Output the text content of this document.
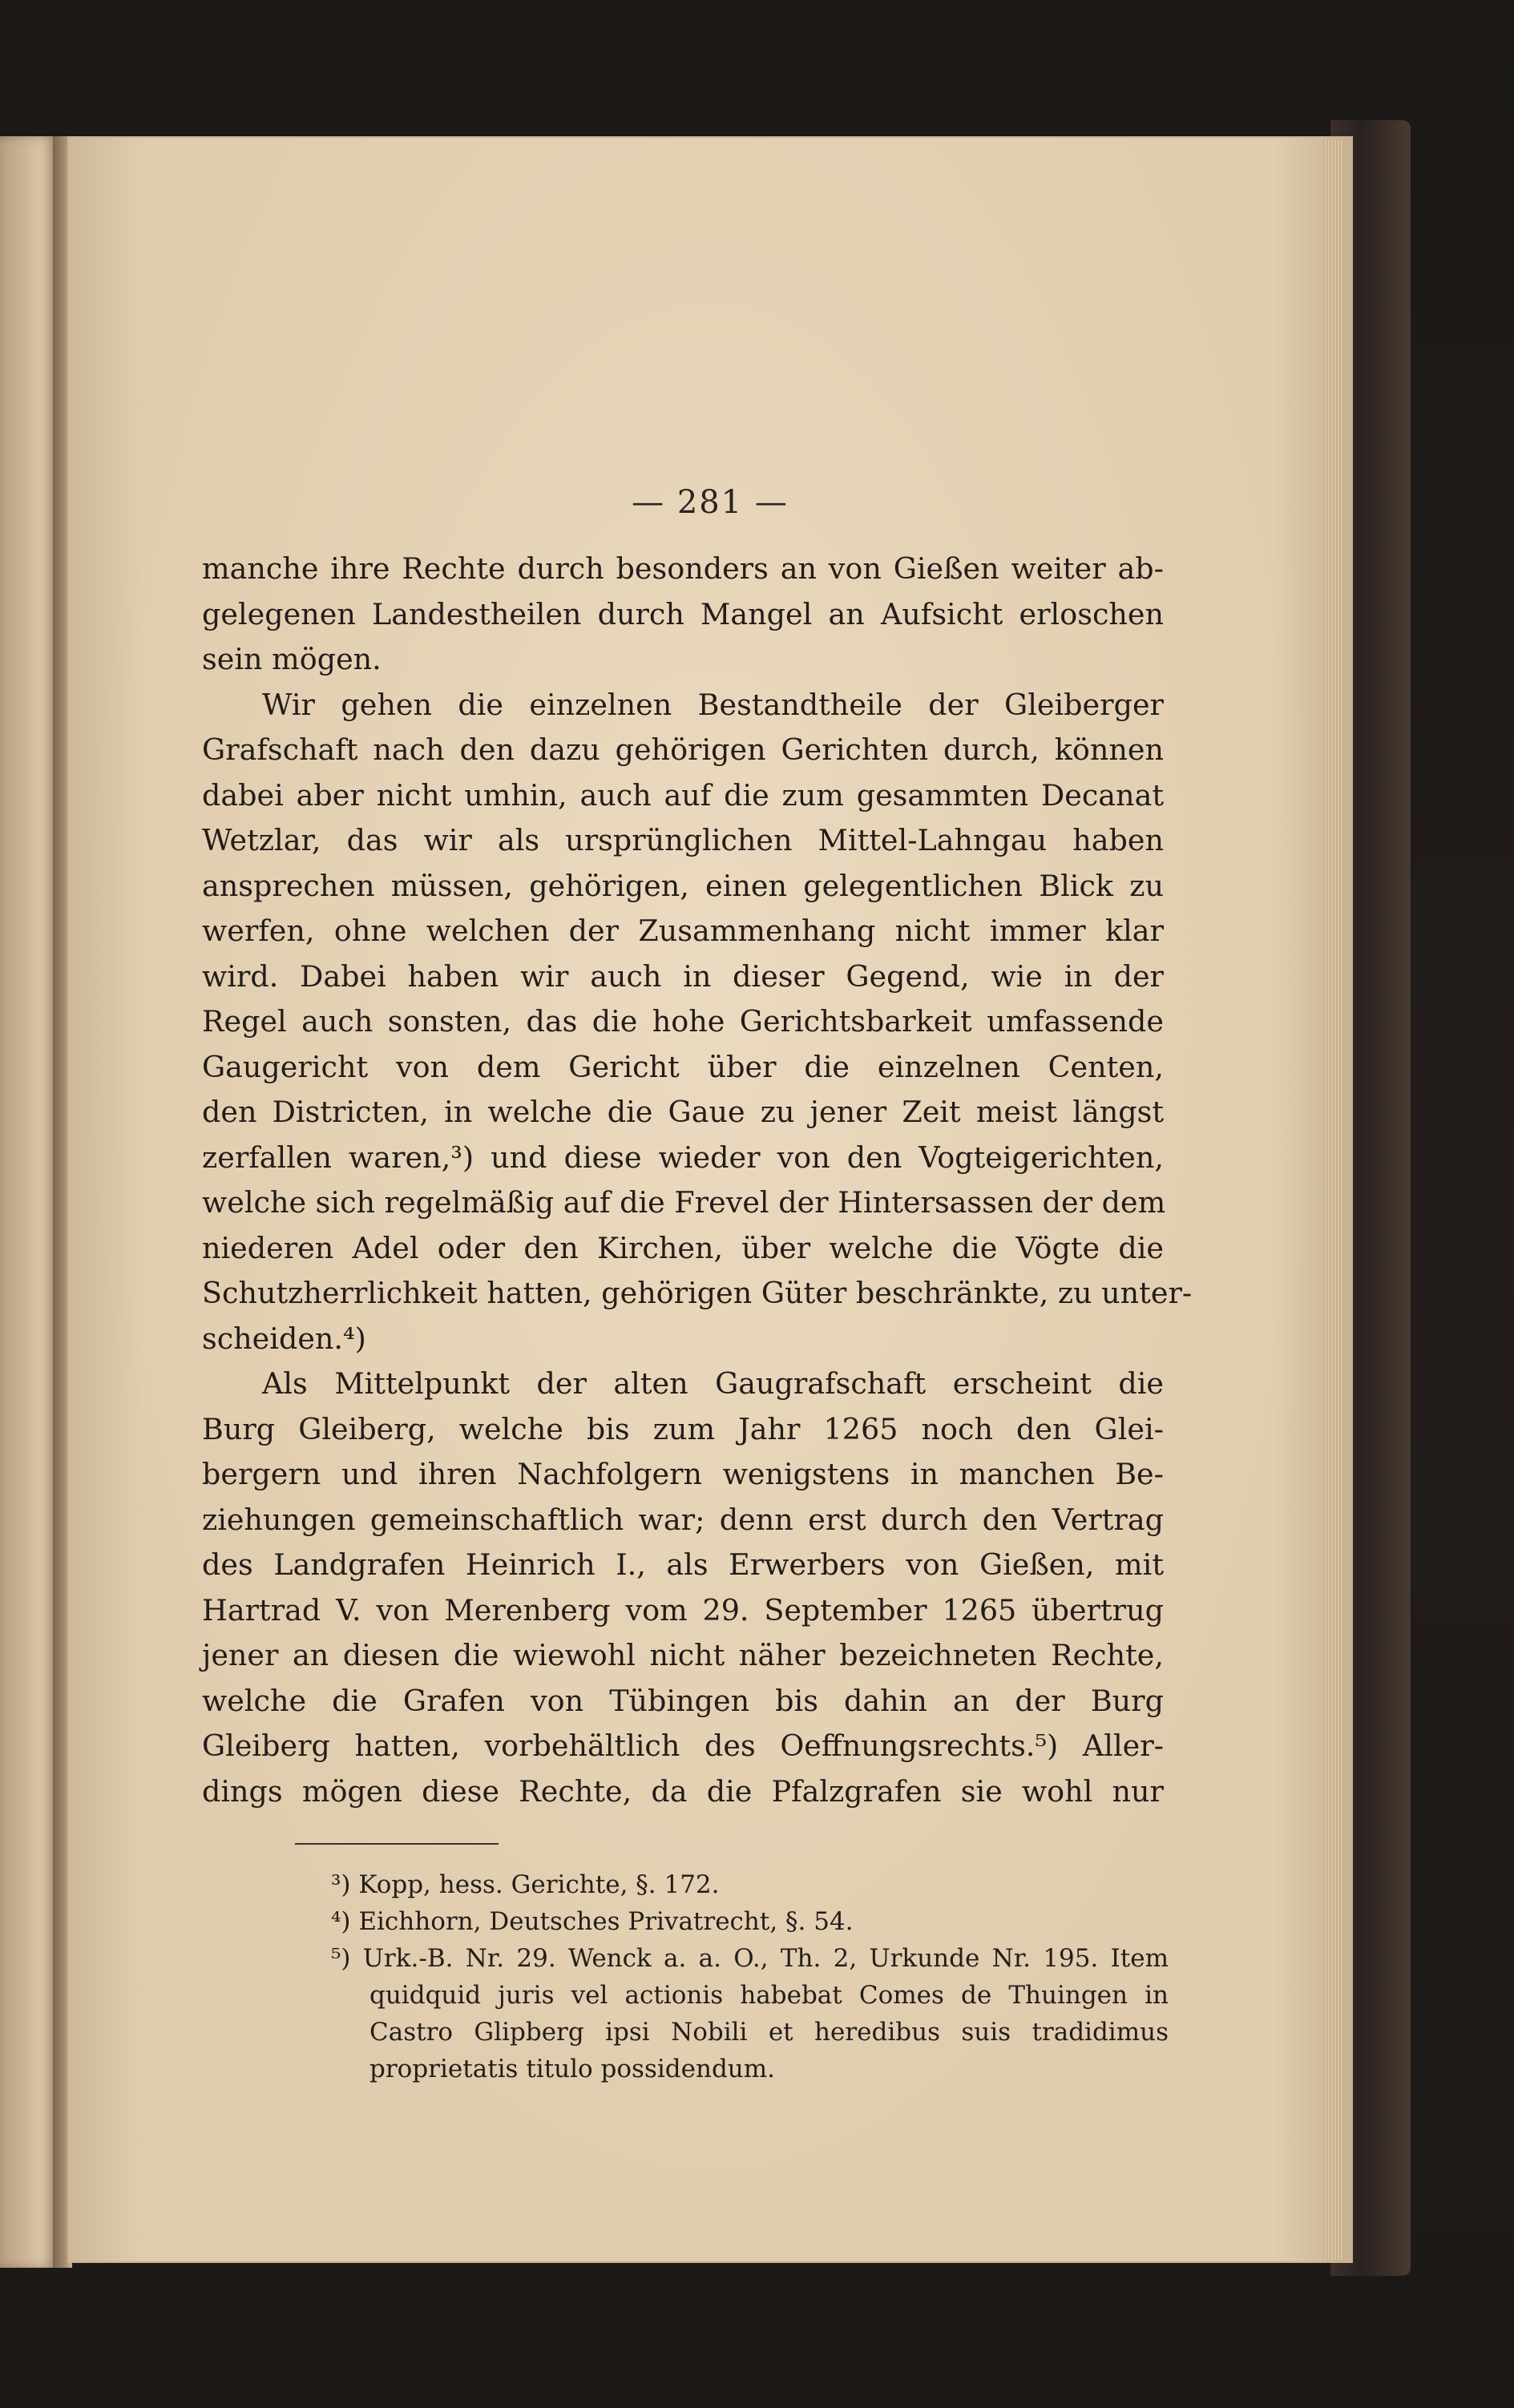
— 281 —
manche ihre Rechte durch besonders an von Gießen weiter ab-
gelegenen Landestheilen durch Mangel an Aufsicht erloschen
sein mögen.
Wir gehen die einzelnen Bestandtheile der Gleiberger
Grafschaft nach den dazu gehörigen Gerichten durch, können
dabei aber nicht umhin, auch auf die zum gesammten Decanat
Wetzlar, das wir als ursprünglichen Mittel-Lahngau haben
ansprechen müssen, gehörigen, einen gelegentlichen Blick zu
werfen, ohne welchen der Zusammenhang nicht immer klar
wird. Dabei haben wir auch in dieser Gegend, wie in der
Regel auch sonsten, das die hohe Gerichtsbarkeit umfassende
Gaugericht von dem Gericht über die einzelnen Centen,
den Districten, in welche die Gaue zu jener Zeit meist längst
zerfallen waren,³) und diese wieder von den Vogteigerichten,
welche sich regelmäßig auf die Frevel der Hintersassen der dem
niederen Adel oder den Kirchen, über welche die Vögte die
Schutzherrlichkeit hatten, gehörigen Güter beschränkte, zu unter-
scheiden.⁴)
Als Mittelpunkt der alten Gaugrafschaft erscheint die
Burg Gleiberg, welche bis zum Jahr 1265 noch den Glei-
bergern und ihren Nachfolgern wenigstens in manchen Be-
ziehungen gemeinschaftlich war; denn erst durch den Vertrag
des Landgrafen Heinrich I., als Erwerbers von Gießen, mit
Hartrad V. von Merenberg vom 29. September 1265 übertrug
jener an diesen die wiewohl nicht näher bezeichneten Rechte,
welche die Grafen von Tübingen bis dahin an der Burg
Gleiberg hatten, vorbehältlich des Oeffnungsrechts.⁵) Aller-
dings mögen diese Rechte, da die Pfalzgrafen sie wohl nur
³) Kopp, hess. Gerichte, §. 172.
⁴) Eichhorn, Deutsches Privatrecht, §. 54.
⁵) Urk.-B. Nr. 29. Wenck a. a. O., Th. 2, Urkunde Nr. 195. Item
quidquid juris vel actionis habebat Comes de Thuingen in
Castro Glipberg ipsi Nobili et heredibus suis tradidimus
proprietatis titulo possidendum.
